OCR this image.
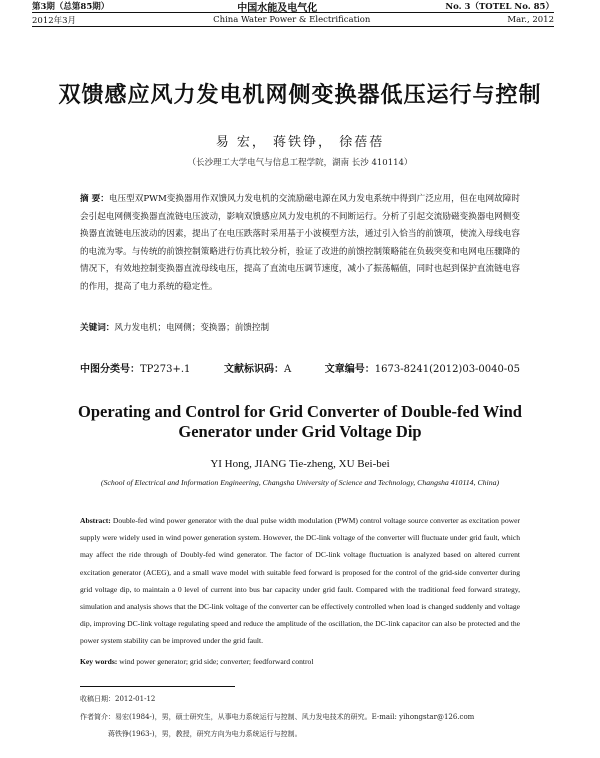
第3期（总第85期）	中国水能及电气化	No. 3（TOTEL No. 85）
2012年3月	China Water Power & Electrification	Mar., 2012
双馈感应风力发电机网侧变换器低压运行与控制
易 宏， 蒋铁铮， 徐蓓蓓
（长沙理工大学电气与信息工程学院，湖南 长沙 410114）
摘 要：电压型双PWM变换器用作双馈风力发电机的交流励磁电源在风力发电系统中得到广泛应用，但在电网故障时会引起电网侧变换器直流链电压波动，影响双馈感应风力发电机的不间断运行。分析了引起交流励磁变换器电网侧变换器直流链电压波动的因素，提出了在电压跌落时采用基于小波模型方法，通过引入恰当的前馈项，使流入母线电容的电流为零。与传统的前馈控制策略进行仿真比较分析，验证了改进的前馈控制策略能在负载突变和电网电压骤降的情况下，有效地控制变换器直流母线电压，提高了直流电压调节速度，减小了振荡幅值，同时也起到保护直流链电容的作用，提高了电力系统的稳定性。
关键词：风力发电机；电网侧；变换器；前馈控制
中图分类号：TP273+.1	文献标识码：A	文章编号：1673-8241(2012)03-0040-05
Operating and Control for Grid Converter of Double-fed Wind
Generator under Grid Voltage Dip
YI Hong, JIANG Tie-zheng, XU Bei-bei
(School of Electrical and Information Engineering, Changsha University of Science and Technology, Changsha 410114, China)
Abstract: Double-fed wind power generator with the dual pulse width modulation (PWM) control voltage source converter as excitation power supply were widely used in wind power generation system. However, the DC-link voltage of the converter will fluctuate under grid fault, which may affect the ride through of Doubly-fed wind generator. The factor of DC-link voltage fluctuation is analyzed based on altered current excitation generator (ACEG), and a small wave model with suitable feed forward is proposed for the control of the grid-side converter during grid voltage dip, to maintain a 0 level of current into bus bar capacity under grid fault. Compared with the traditional feed forward strategy, simulation and analysis shows that the DC-link voltage of the converter can be effectively controlled when load is changed suddenly and voltage dip, improving DC-link voltage regulating speed and reduce the amplitude of the oscillation, the DC-link capacitor can also be protected and the power system stability can be improved under the grid fault.
Key words: wind power generator; grid side; converter; feedforward control
收稿日期：2012-01-12
作者简介：易宏(1984-)，男，硕士研究生，从事电力系统运行与控制、风力发电技术的研究。E-mail: yihongstar@126.com
蒋铁铮(1963-)，男，教授，研究方向为电力系统运行与控制。
